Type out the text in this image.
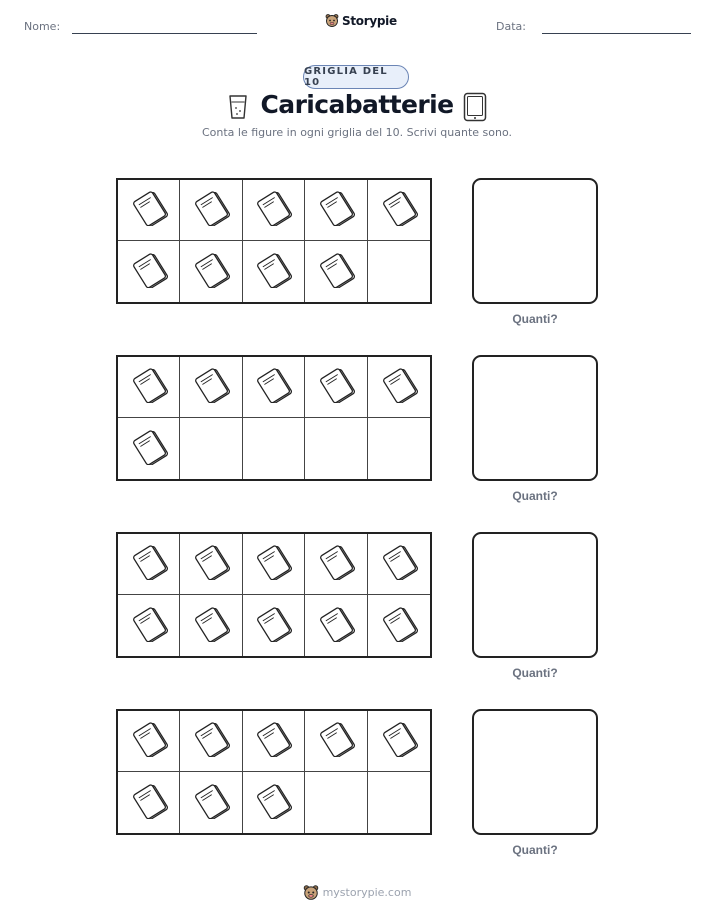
Nome:	Storypie	Data:
GRIGLIA DEL 10
Caricabatterie
Conta le figure in ogni griglia del 10. Scrivi quante sono.
Quanti?
Quanti?
Quanti?
Quanti?
mystorypie.com
